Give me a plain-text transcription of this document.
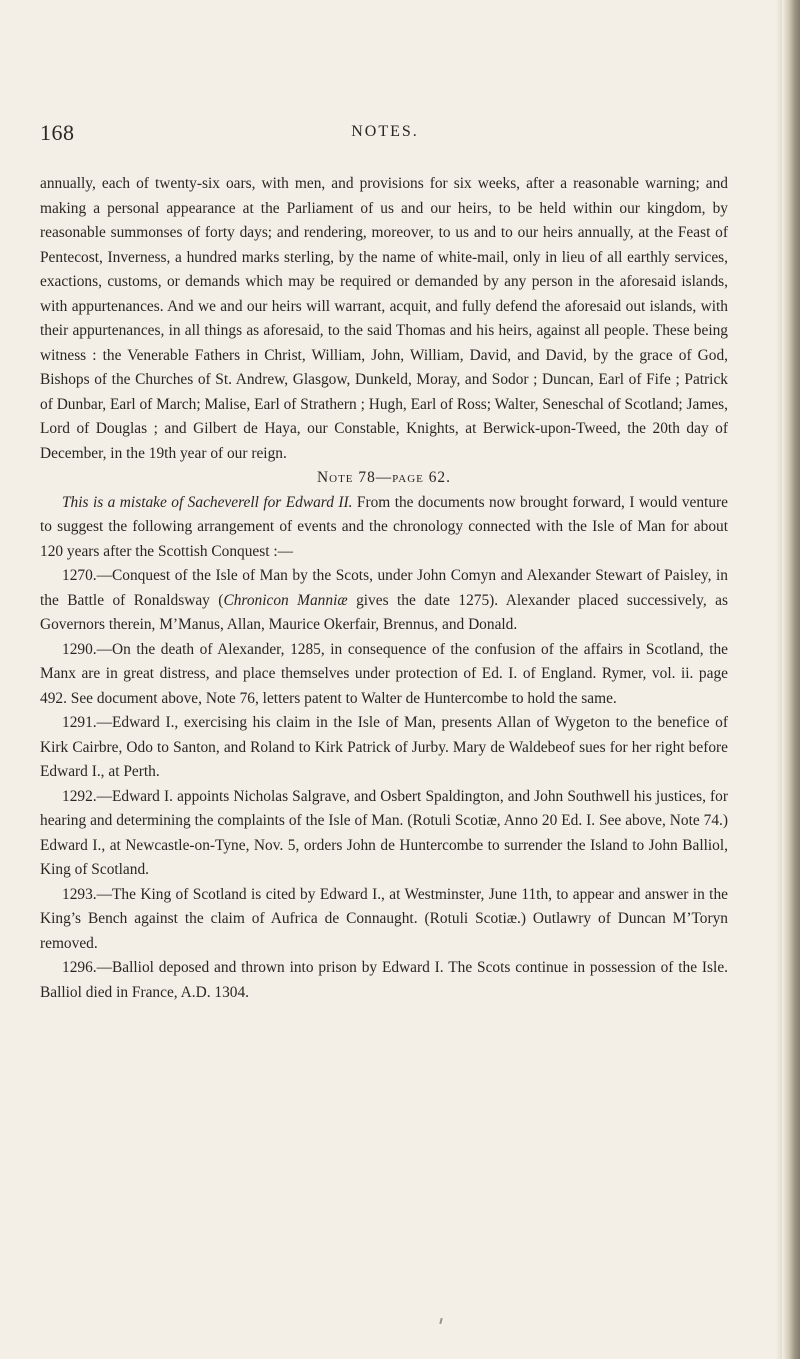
168	NOTES.

annually, each of twenty-six oars, with men, and provisions for six weeks, after a reasonable warning; and making a personal appearance at the Parliament of us and our heirs, to be held within our kingdom, by reasonable summonses of forty days; and rendering, moreover, to us and to our heirs annually, at the Feast of Pentecost, Inverness, a hundred marks sterling, by the name of white-mail, only in lieu of all earthly services, exactions, customs, or demands which may be required or demanded by any person in the aforesaid islands, with appurtenances. And we and our heirs will warrant, acquit, and fully defend the aforesaid out islands, with their appurtenances, in all things as aforesaid, to the said Thomas and his heirs, against all people. These being witness : the Venerable Fathers in Christ, William, John, William, David, and David, by the grace of God, Bishops of the Churches of St. Andrew, Glasgow, Dunkeld, Moray, and Sodor ; Duncan, Earl of Fife ; Patrick of Dunbar, Earl of March; Malise, Earl of Strathern ; Hugh, Earl of Ross; Walter, Seneschal of Scotland; James, Lord of Douglas ; and Gilbert de Haya, our Constable, Knights, at Berwick-upon-Tweed, the 20th day of December, in the 19th year of our reign.

Note 78—page 62.

This is a mistake of Sacheverell for Edward II. From the documents now brought forward, I would venture to suggest the following arrangement of events and the chronology connected with the Isle of Man for about 120 years after the Scottish Conquest :—

1270.—Conquest of the Isle of Man by the Scots, under John Comyn and Alexander Stewart of Paisley, in the Battle of Ronaldsway (Chronicon Manniæ gives the date 1275). Alexander placed successively, as Governors therein, M’Manus, Allan, Maurice Okerfair, Brennus, and Donald.

1290.—On the death of Alexander, 1285, in consequence of the confusion of the affairs in Scotland, the Manx are in great distress, and place themselves under protection of Ed. I. of England. Rymer, vol. ii. page 492. See document above, Note 76, letters patent to Walter de Huntercombe to hold the same.

1291.—Edward I., exercising his claim in the Isle of Man, presents Allan of Wygeton to the benefice of Kirk Cairbre, Odo to Santon, and Roland to Kirk Patrick of Jurby. Mary de Waldebeof sues for her right before Edward I., at Perth.

1292.—Edward I. appoints Nicholas Salgrave, and Osbert Spaldington, and John Southwell his justices, for hearing and determining the complaints of the Isle of Man. (Rotuli Scotiæ, Anno 20 Ed. I. See above, Note 74.) Edward I., at Newcastle-on-Tyne, Nov. 5, orders John de Huntercombe to surrender the Island to John Balliol, King of Scotland.

1293.—The King of Scotland is cited by Edward I., at Westminster, June 11th, to appear and answer in the King’s Bench against the claim of Aufrica de Connaught. (Rotuli Scotiæ.) Outlawry of Duncan M’Toryn removed.

1296.—Balliol deposed and thrown into prison by Edward I. The Scots continue in possession of the Isle. Balliol died in France, A.D. 1304.
